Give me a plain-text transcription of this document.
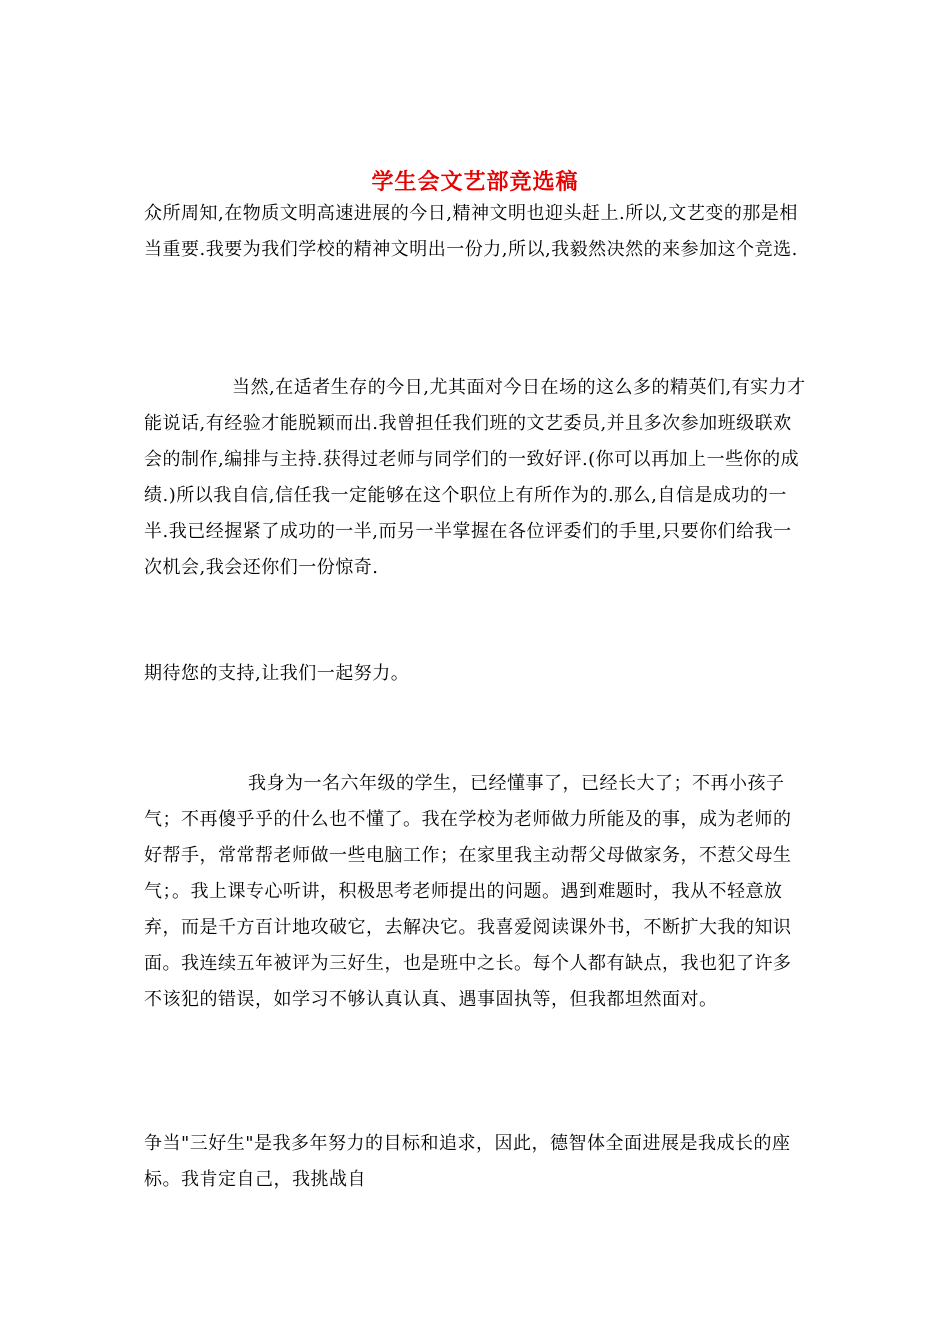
学生会文艺部竞选稿

众所周知,在物质文明高速进展的今日,精神文明也迎头赶上.所以,文艺变的那是相当重要.我要为我们学校的精神文明出一份力,所以,我毅然决然的来参加这个竞选.

当然,在适者生存的今日,尤其面对今日在场的这么多的精英们,有实力才能说话,有经验才能脱颖而出.我曾担任我们班的文艺委员,并且多次参加班级联欢会的制作,编排与主持.获得过老师与同学们的一致好评.(你可以再加上一些你的成绩.)所以我自信,信任我一定能够在这个职位上有所作为的.那么,自信是成功的一半.我已经握紧了成功的一半,而另一半掌握在各位评委们的手里,只要你们给我一次机会,我会还你们一份惊奇.

期待您的支持,让我们一起努力。

我身为一名六年级的学生，已经懂事了，已经长大了；不再小孩子气；不再傻乎乎的什么也不懂了。我在学校为老师做力所能及的事，成为老师的好帮手，常常帮老师做一些电脑工作；在家里我主动帮父母做家务，不惹父母生气；。我上课专心听讲，积极思考老师提出的问题。遇到难题时，我从不轻意放弃，而是千方百计地攻破它，去解决它。我喜爱阅读课外书，不断扩大我的知识面。我连续五年被评为三好生，也是班中之长。每个人都有缺点，我也犯了许多不该犯的错误，如学习不够认真认真、遇事固执等，但我都坦然面对。

争当"三好生"是我多年努力的目标和追求，因此，德智体全面进展是我成长的座标。我肯定自己，我挑战自
